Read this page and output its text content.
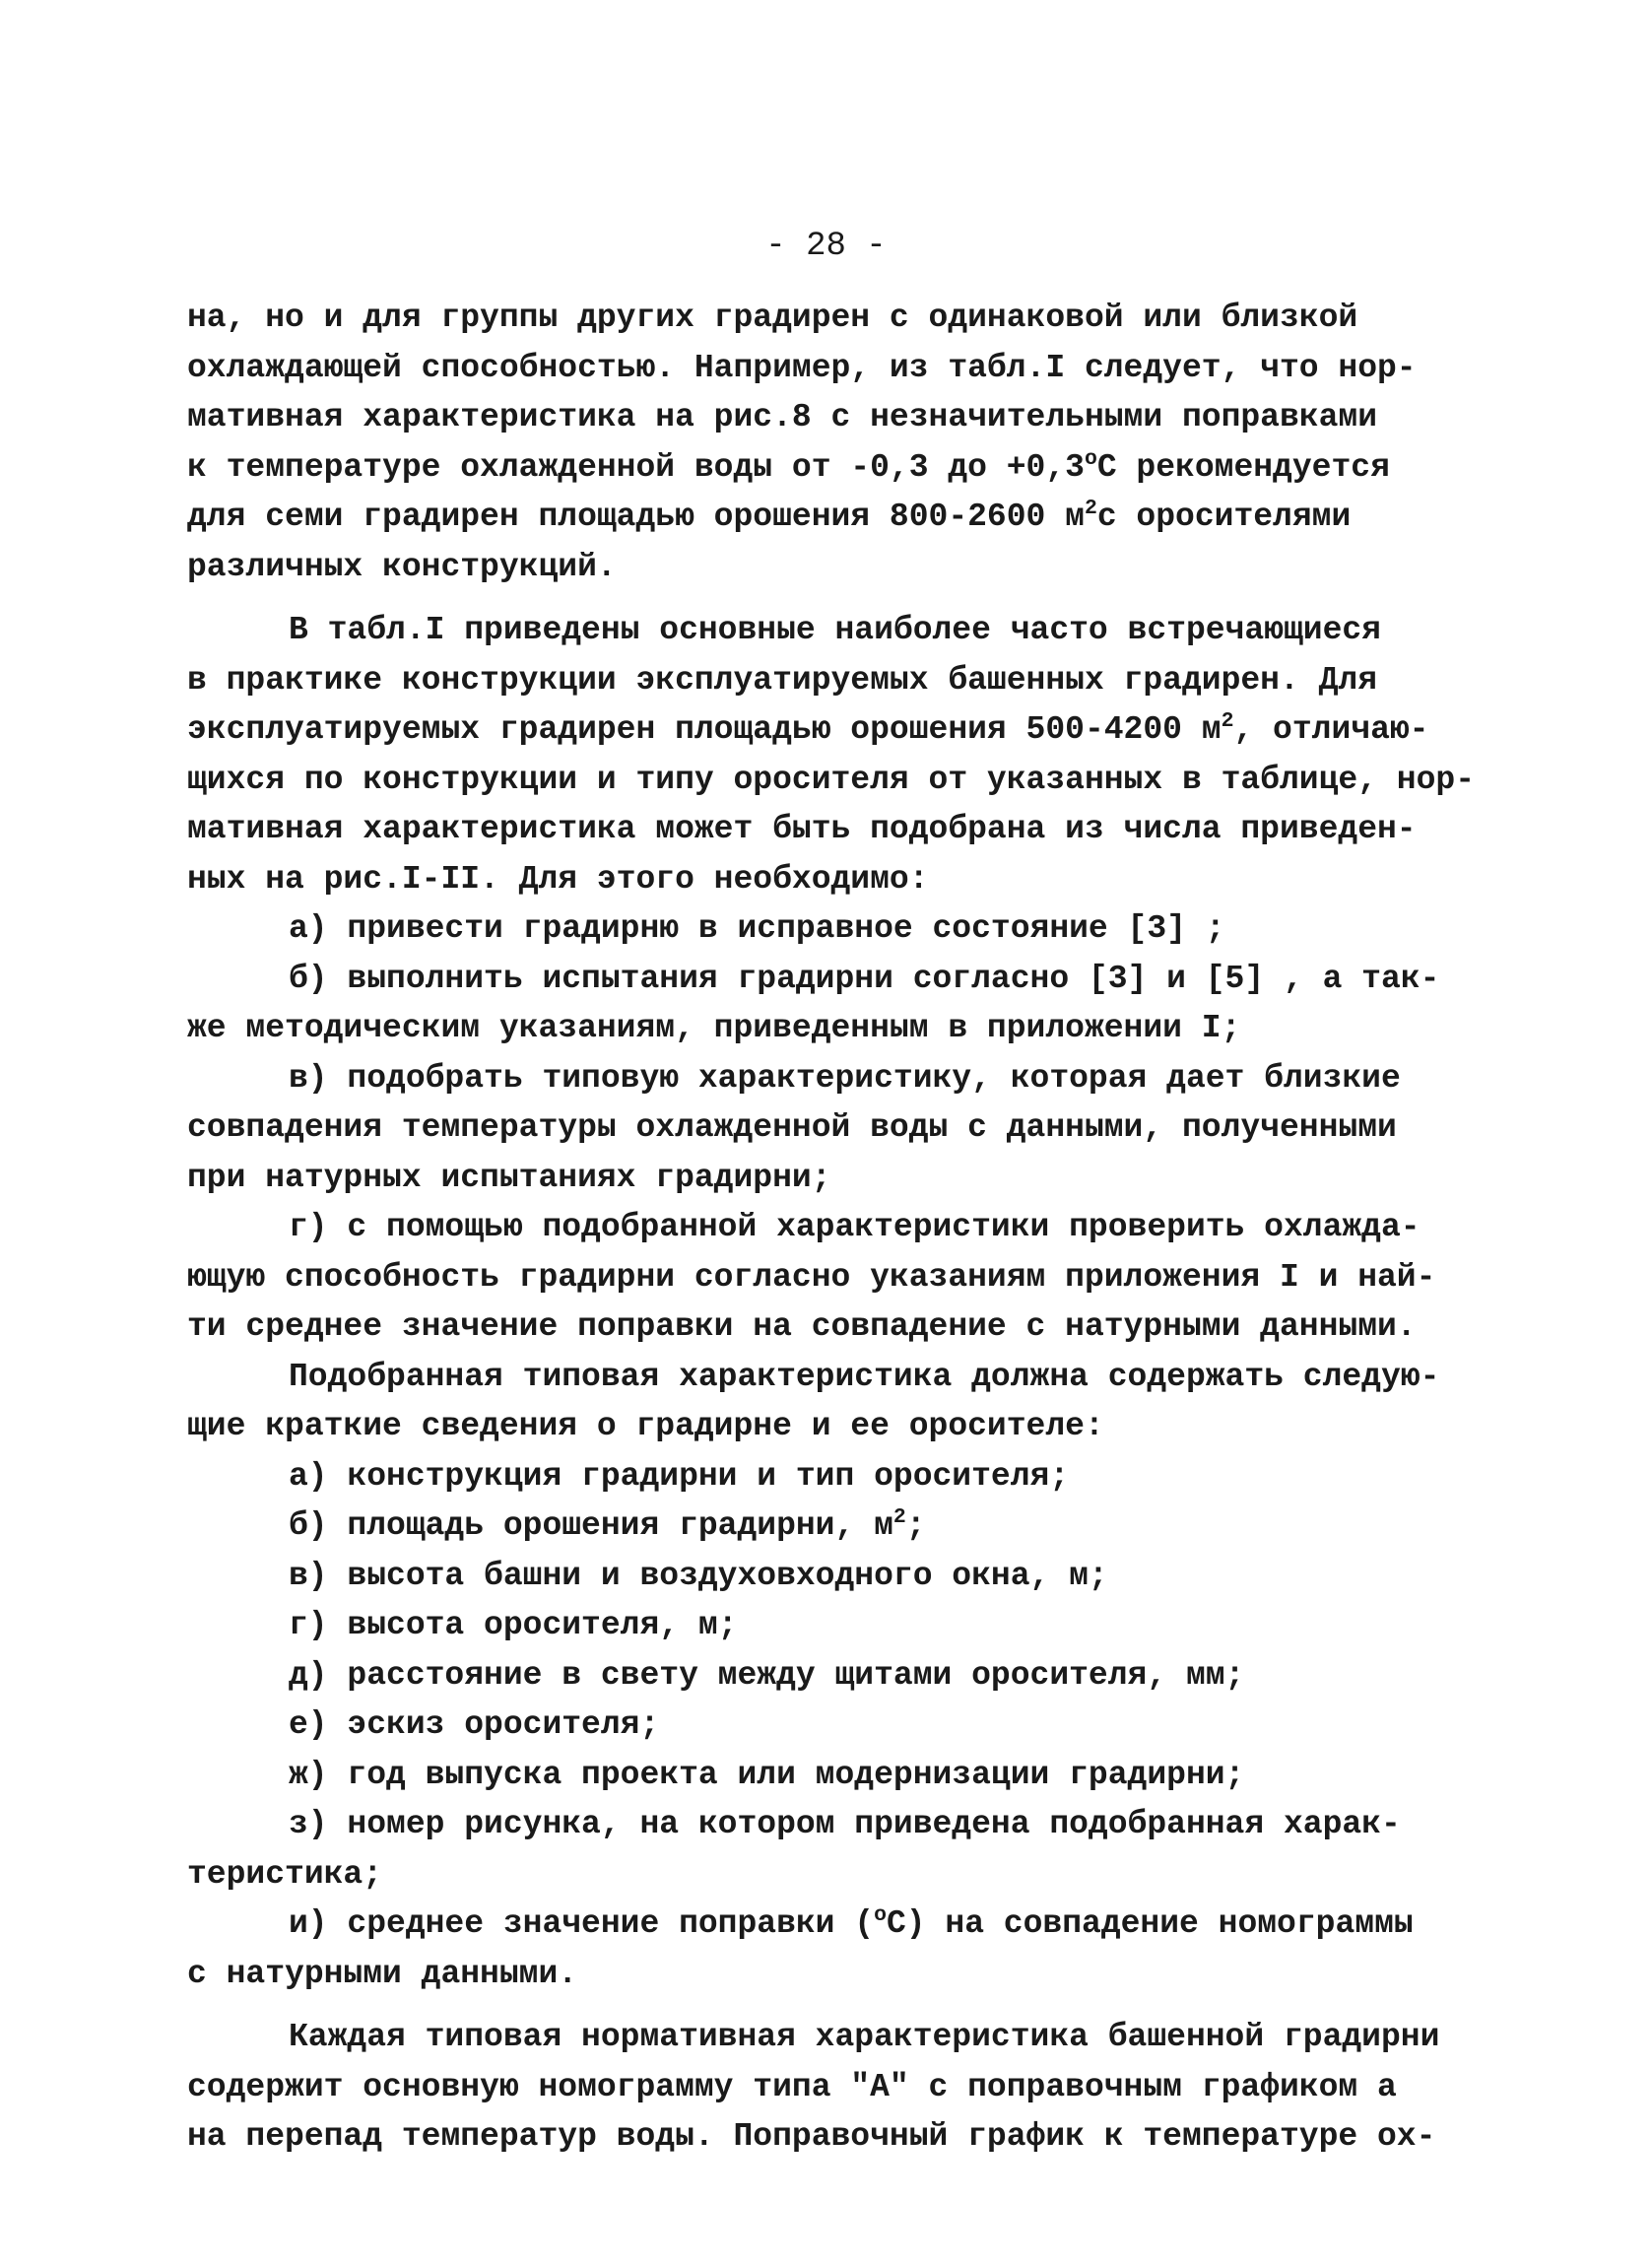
- 28 -
на, но и для группы других градирен с одинаковой или близкой
охлаждающей способностью. Например, из табл.I следует, что нор-
мативная характеристика на рис.8 с незначительными поправками
к температуре охлажденной воды от -0,3 до $+0,3^oС$ рекомендуется
для семи градирен площадью орошения 800-2600 $м^2с$ оросителями
различных конструкций.
В табл.I приведены основные наиболее часто встречающиеся
в практике конструкции эксплуатируемых башенных градирен. Для
эксплуатируемых градирен площадью орошения 500-4200 $м^2$, отличаю-
щихся по конструкции и типу оросителя от указанных в таблице, нор-
мативная характеристика может быть подобрана из числа приведен-
ных на рис.I-II. Для этого необходимо:
а) привести градирню в исправное состояние [3] ;
б) выполнить испытания градирни согласно [3] и [5] , а так-
же методическим указаниям, приведенным в приложении I;
в) подобрать типовую характеристику, которая дает близкие
совпадения температуры охлажденной воды с данными, полученными
при натурных испытаниях градирни;
г) с помощью подобранной характеристики проверить охлажда-
ющую способность градирни согласно указаниям приложения I и най-
ти среднее значение поправки на совпадение с натурными данными.
Подобранная типовая характеристика должна содержать следую-
щие краткие сведения о градирне и ее оросителе:
а) конструкция градирни и тип оросителя;
б) площадь орошения градирни, $м^2$;
в) высота башни и воздуховходного окна, м;
г) высота оросителя, м;
д) расстояние в свету между щитами оросителя, мм;
е) эскиз оросителя;
ж) год выпуска проекта или модернизации градирни;
з) номер рисунка, на котором приведена подобранная харак-
теристика;
и) среднее значение поправки ($^o$С) на совпадение номограммы
с натурными данными.
Каждая типовая нормативная характеристика башенной градирни
содержит основную номограмму типа "A" с поправочным графиком а
на перепад температур воды. Поправочный график к температуре ох-
